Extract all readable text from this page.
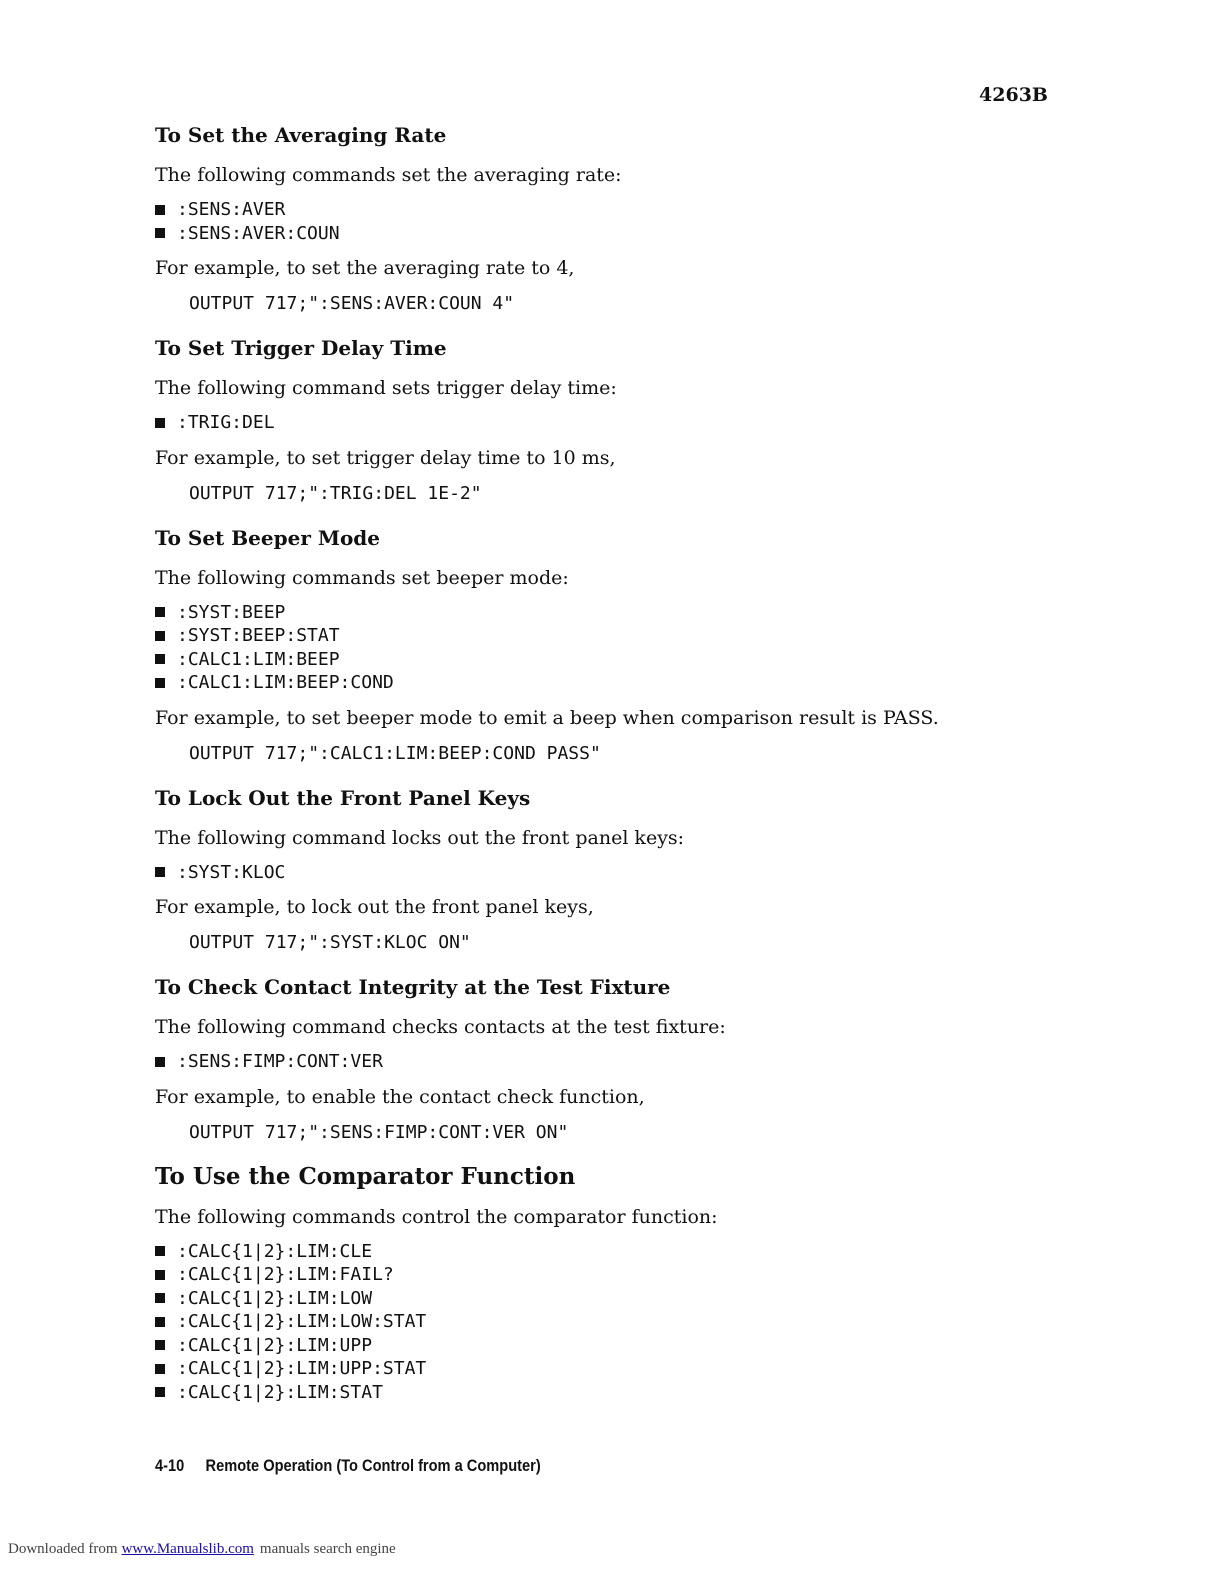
4263B
To Set the Averaging Rate

The following commands set the averaging rate:

:SENS:AVER
:SENS:AVER:COUN

For example, to set the averaging rate to 4,

OUTPUT 717;":SENS:AVER:COUN 4"
To Set Trigger Delay Time

The following command sets trigger delay time:

:TRIG:DEL

For example, to set trigger delay time to 10 ms,

OUTPUT 717;":TRIG:DEL 1E-2"
To Set Beeper Mode

The following commands set beeper mode:

:SYST:BEEP
:SYST:BEEP:STAT
:CALC1:LIM:BEEP
:CALC1:LIM:BEEP:COND

For example, to set beeper mode to emit a beep when comparison result is PASS.

OUTPUT 717;":CALC1:LIM:BEEP:COND PASS"
To Lock Out the Front Panel Keys

The following command locks out the front panel keys:

:SYST:KLOC

For example, to lock out the front panel keys,

OUTPUT 717;":SYST:KLOC ON"
To Check Contact Integrity at the Test Fixture

The following command checks contacts at the test fixture:

:SENS:FIMP:CONT:VER

For example, to enable the contact check function,

OUTPUT 717;":SENS:FIMP:CONT:VER ON"
To Use the Comparator Function

The following commands control the comparator function:

:CALC{1|2}:LIM:CLE
:CALC{1|2}:LIM:FAIL?
:CALC{1|2}:LIM:LOW
:CALC{1|2}:LIM:LOW:STAT
:CALC{1|2}:LIM:UPP
:CALC{1|2}:LIM:UPP:STAT
:CALC{1|2}:LIM:STAT
4-10 Remote Operation (To Control from a Computer)
Downloaded from www.Manualslib.com manuals search engine
